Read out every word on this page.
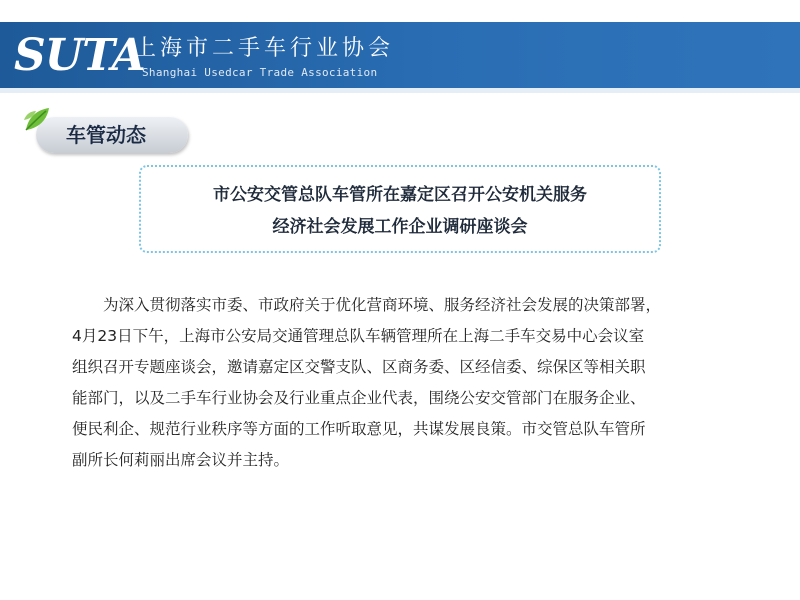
SUTA
上海市二手车行业协会
Shanghai Usedcar Trade Association
车管动态
市公安交管总队车管所在嘉定区召开公安机关服务
经济社会发展工作企业调研座谈会
为深入贯彻落实市委、市政府关于优化营商环境、服务经济社会发展的决策部署，
4月23日下午，上海市公安局交通管理总队车辆管理所在上海二手车交易中心会议室
组织召开专题座谈会，邀请嘉定区交警支队、区商务委、区经信委、综保区等相关职
能部门，以及二手车行业协会及行业重点企业代表，围绕公安交管部门在服务企业、
便民利企、规范行业秩序等方面的工作听取意见，共谋发展良策。市交管总队车管所
副所长何莉丽出席会议并主持。
